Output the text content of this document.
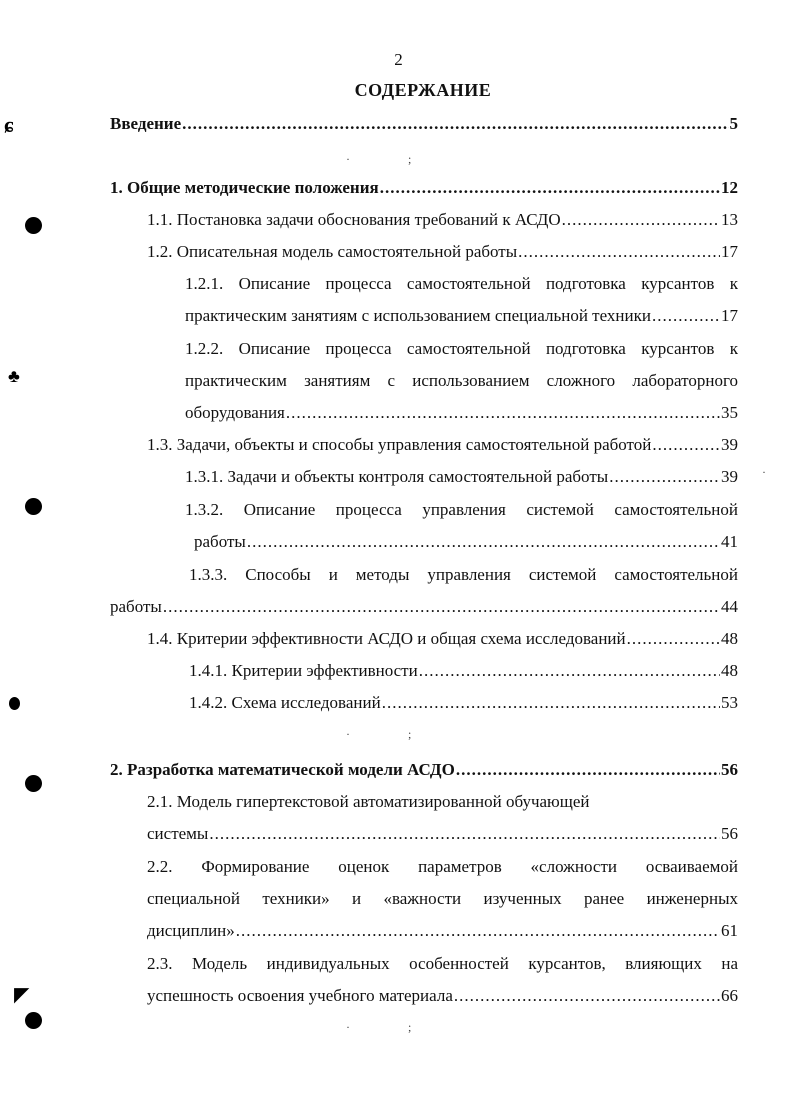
2
СОДЕРЖАНИЕ
Введение .....	5
1. Общие методические положения .....	12
1.1. Постановка задачи обоснования требований к АСДО .....	13
1.2. Описательная модель самостоятельной работы .....	17
1.2.1. Описание процесса самостоятельной подготовка курсантов к
практическим занятиям с использованием специальной техники .....	17
1.2.2. Описание процесса самостоятельной подготовка курсантов к
практическим занятиям с использованием сложного лабораторного
оборудования .....	35
1.3. Задачи, объекты и способы управления самостоятельной работой .....	39
1.3.1. Задачи и объекты контроля самостоятельной работы .....	39
1.3.2. Описание процесса управления системой самостоятельной
работы .....	41
1.3.3. Способы и методы управления системой самостоятельной
работы .....	44
1.4. Критерии эффективности АСДО и общая схема исследований .....	48
1.4.1. Критерии эффективности .....	48
1.4.2. Схема исследований .....	53
2. Разработка математической модели АСДО .....	56
2.1. Модель гипертекстовой автоматизированной обучающей
системы .....	56
2.2. Формирование оценок параметров «сложности осваиваемой
специальной техники» и «важности изученных ранее инженерных
дисциплин» .....	61
2.3. Модель индивидуальных особенностей курсантов, влияющих на
успешность освоения учебного материала .....	66
·	;
·	;
·	;
·
ɕ
♣
◤
